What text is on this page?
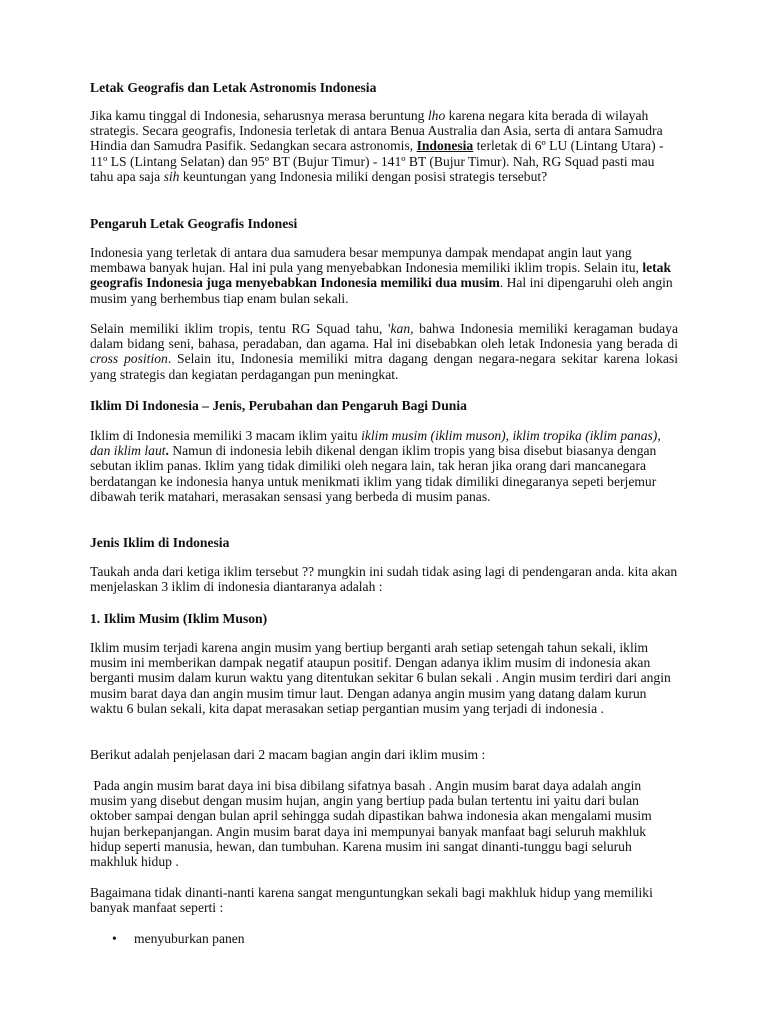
Letak Geografis dan Letak Astronomis Indonesia
Jika kamu tinggal di Indonesia, seharusnya merasa beruntung lho karena negara kita berada di wilayah strategis. Secara geografis, Indonesia terletak di antara Benua Australia dan Asia, serta di antara Samudra Hindia dan Samudra Pasifik. Sedangkan secara astronomis, Indonesia terletak di 6º LU (Lintang Utara) - 11º LS (Lintang Selatan) dan 95º BT (Bujur Timur) - 141º BT (Bujur Timur). Nah, RG Squad pasti mau tahu apa saja sih keuntungan yang Indonesia miliki dengan posisi strategis tersebut?
Pengaruh Letak Geografis Indonesi
Indonesia yang terletak di antara dua samudera besar mempunya dampak mendapat angin laut yang membawa banyak hujan. Hal ini pula yang menyebabkan Indonesia memiliki iklim tropis. Selain itu, letak geografis Indonesia juga menyebabkan Indonesia memiliki dua musim. Hal ini dipengaruhi oleh angin musim yang berhembus tiap enam bulan sekali.
Selain memiliki iklim tropis, tentu RG Squad tahu, 'kan, bahwa Indonesia memiliki keragaman budaya dalam bidang seni, bahasa, peradaban, dan agama. Hal ini disebabkan oleh letak Indonesia yang berada di cross position. Selain itu, Indonesia memiliki mitra dagang dengan negara-negara sekitar karena lokasi yang strategis dan kegiatan perdagangan pun meningkat.
Iklim Di Indonesia – Jenis, Perubahan dan Pengaruh Bagi Dunia
Iklim di Indonesia memiliki 3 macam iklim yaitu iklim musim (iklim muson), iklim tropika (iklim panas), dan iklim laut. Namun di indonesia lebih dikenal dengan iklim tropis yang bisa disebut biasanya dengan sebutan iklim panas. Iklim yang tidak dimiliki oleh negara lain, tak heran jika orang dari mancanegara berdatangan ke indonesia hanya untuk menikmati iklim yang tidak dimiliki dinegaranya sepeti berjemur dibawah terik matahari, merasakan sensasi yang berbeda di musim panas.
Jenis Iklim di Indonesia
Taukah anda dari ketiga iklim tersebut ?? mungkin ini sudah tidak asing lagi di pendengaran anda. kita akan menjelaskan 3 iklim di indonesia diantaranya adalah :
1. Iklim Musim (Iklim Muson)
Iklim musim terjadi karena angin musim yang bertiup berganti arah setiap setengah tahun sekali, iklim musim ini memberikan dampak negatif ataupun positif. Dengan adanya iklim musim di indonesia akan berganti musim dalam kurun waktu yang ditentukan sekitar 6 bulan sekali . Angin musim terdiri dari angin musim barat daya dan angin musim timur laut. Dengan adanya angin musim yang datang dalam kurun waktu 6 bulan sekali, kita dapat merasakan setiap pergantian musim yang terjadi di indonesia .
Berikut adalah penjelasan dari 2 macam bagian angin dari iklim musim :
Pada angin musim barat daya ini bisa dibilang sifatnya basah . Angin musim barat daya adalah angin musim yang disebut dengan musim hujan, angin yang bertiup pada bulan tertentu ini yaitu dari bulan oktober sampai dengan bulan april sehingga sudah dipastikan bahwa indonesia akan mengalami musim hujan berkepanjangan. Angin musim barat daya ini mempunyai banyak manfaat bagi seluruh makhluk hidup seperti manusia, hewan, dan tumbuhan. Karena musim ini sangat dinanti-tunggu bagi seluruh makhluk hidup .
Bagaimana tidak dinanti-nanti karena sangat menguntungkan sekali bagi makhluk hidup yang memiliki banyak manfaat seperti :
• menyuburkan panen
